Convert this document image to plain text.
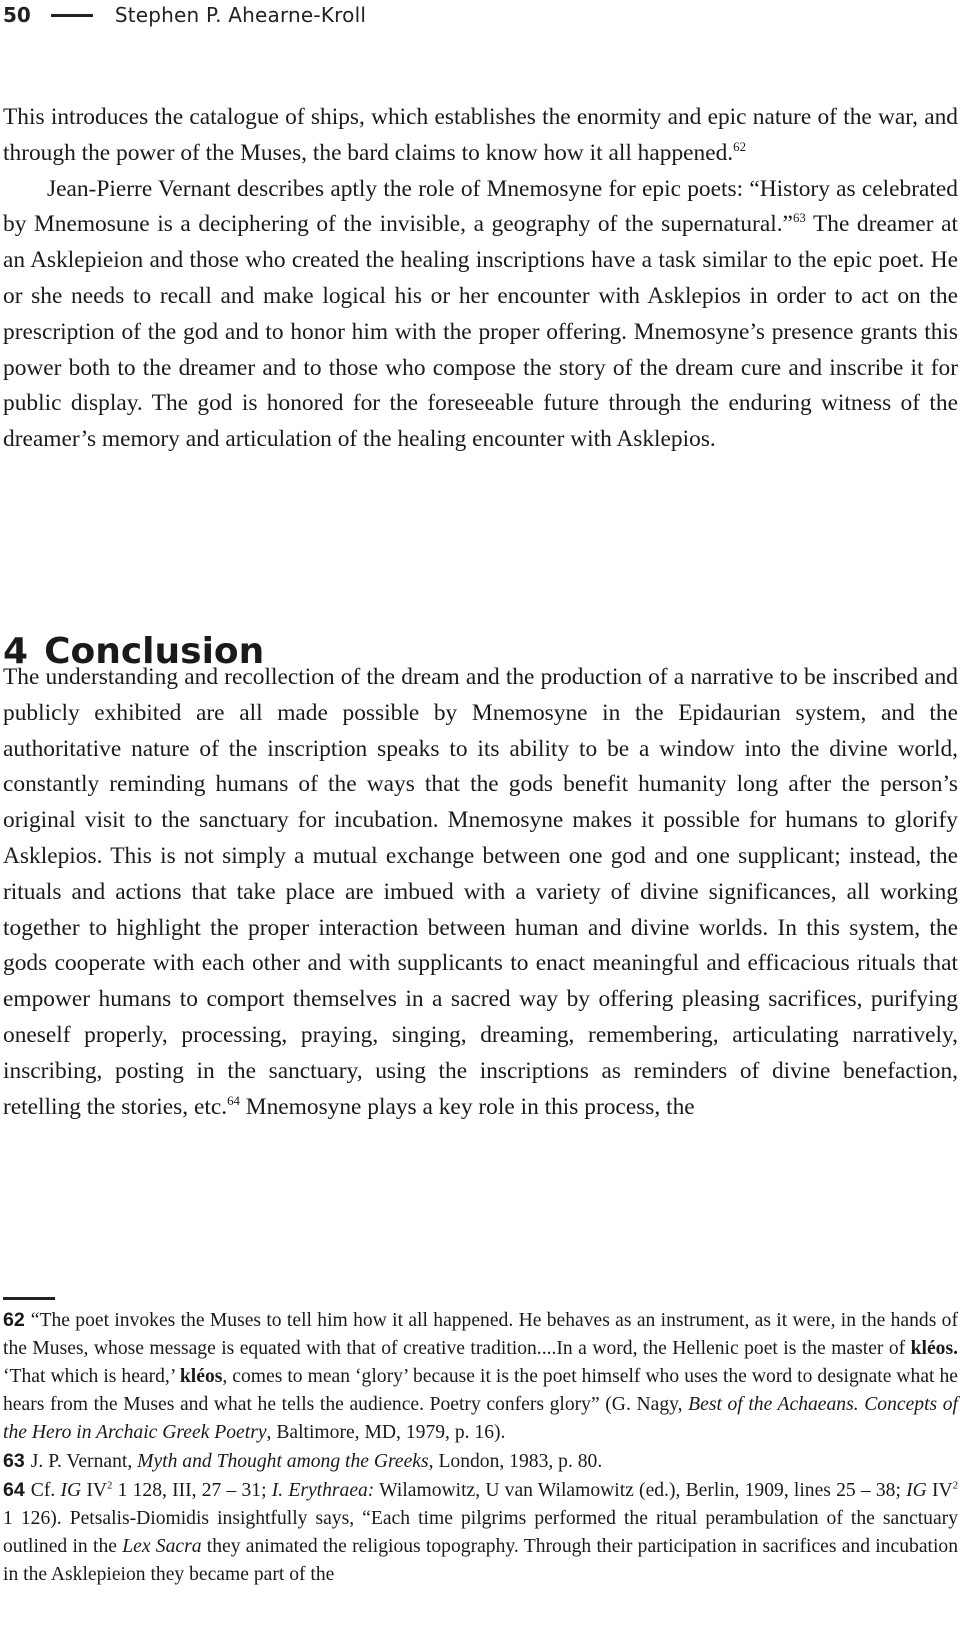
50	Stephen P. Ahearne-Kroll

This introduces the catalogue of ships, which establishes the enormity and epic nature of the war, and through the power of the Muses, the bard claims to know how it all happened.$^{62}$

Jean-Pierre Vernant describes aptly the role of Mnemosyne for epic poets: “History as celebrated by Mnemosune is a deciphering of the invisible, a geography of the supernatural.”$^{63}$ The dreamer at an Asklepieion and those who created the healing inscriptions have a task similar to the epic poet. He or she needs to recall and make logical his or her encounter with Asklepios in order to act on the prescription of the god and to honor him with the proper offering. Mnemosyne’s presence grants this power both to the dreamer and to those who compose the story of the dream cure and inscribe it for public display. The god is honored for the foreseeable future through the enduring witness of the dreamer’s memory and articulation of the healing encounter with Asklepios.

4 Conclusion

The understanding and recollection of the dream and the production of a narrative to be inscribed and publicly exhibited are all made possible by Mnemosyne in the Epidaurian system, and the authoritative nature of the inscription speaks to its ability to be a window into the divine world, constantly reminding humans of the ways that the gods benefit humanity long after the person’s original visit to the sanctuary for incubation. Mnemosyne makes it possible for humans to glorify Asklepios. This is not simply a mutual exchange between one god and one supplicant; instead, the rituals and actions that take place are imbued with a variety of divine significances, all working together to highlight the proper interaction between human and divine worlds. In this system, the gods cooperate with each other and with supplicants to enact meaningful and efficacious rituals that empower humans to comport themselves in a sacred way by offering pleasing sacrifices, purifying oneself properly, processing, praying, singing, dreaming, remembering, articulating narratively, inscribing, posting in the sanctuary, using the inscriptions as reminders of divine benefaction, retelling the stories, etc.$^{64}$ Mnemosyne plays a key role in this process, the

62 “The poet invokes the Muses to tell him how it all happened. He behaves as an instrument, as it were, in the hands of the Muses, whose message is equated with that of creative tradition....In a word, the Hellenic poet is the master of kléos. ‘That which is heard,’ kléos, comes to mean ‘glory’ because it is the poet himself who uses the word to designate what he hears from the Muses and what he tells the audience. Poetry confers glory” (G. Nagy, Best of the Achaeans. Concepts of the Hero in Archaic Greek Poetry, Baltimore, MD, 1979, p. 16).

63 J. P. Vernant, Myth and Thought among the Greeks, London, 1983, p. 80.

64 Cf. IG $IV^2$ 1 128, III, 27 – 31; I. Erythraea: Wilamowitz, U van Wilamowitz (ed.), Berlin, 1909, lines 25 – 38; IG $IV^2$ 1 126). Petsalis-Diomidis insightfully says, “Each time pilgrims performed the ritual perambulation of the sanctuary outlined in the Lex Sacra they animated the religious topography. Through their participation in sacrifices and incubation in the Asklepieion they became part of the
